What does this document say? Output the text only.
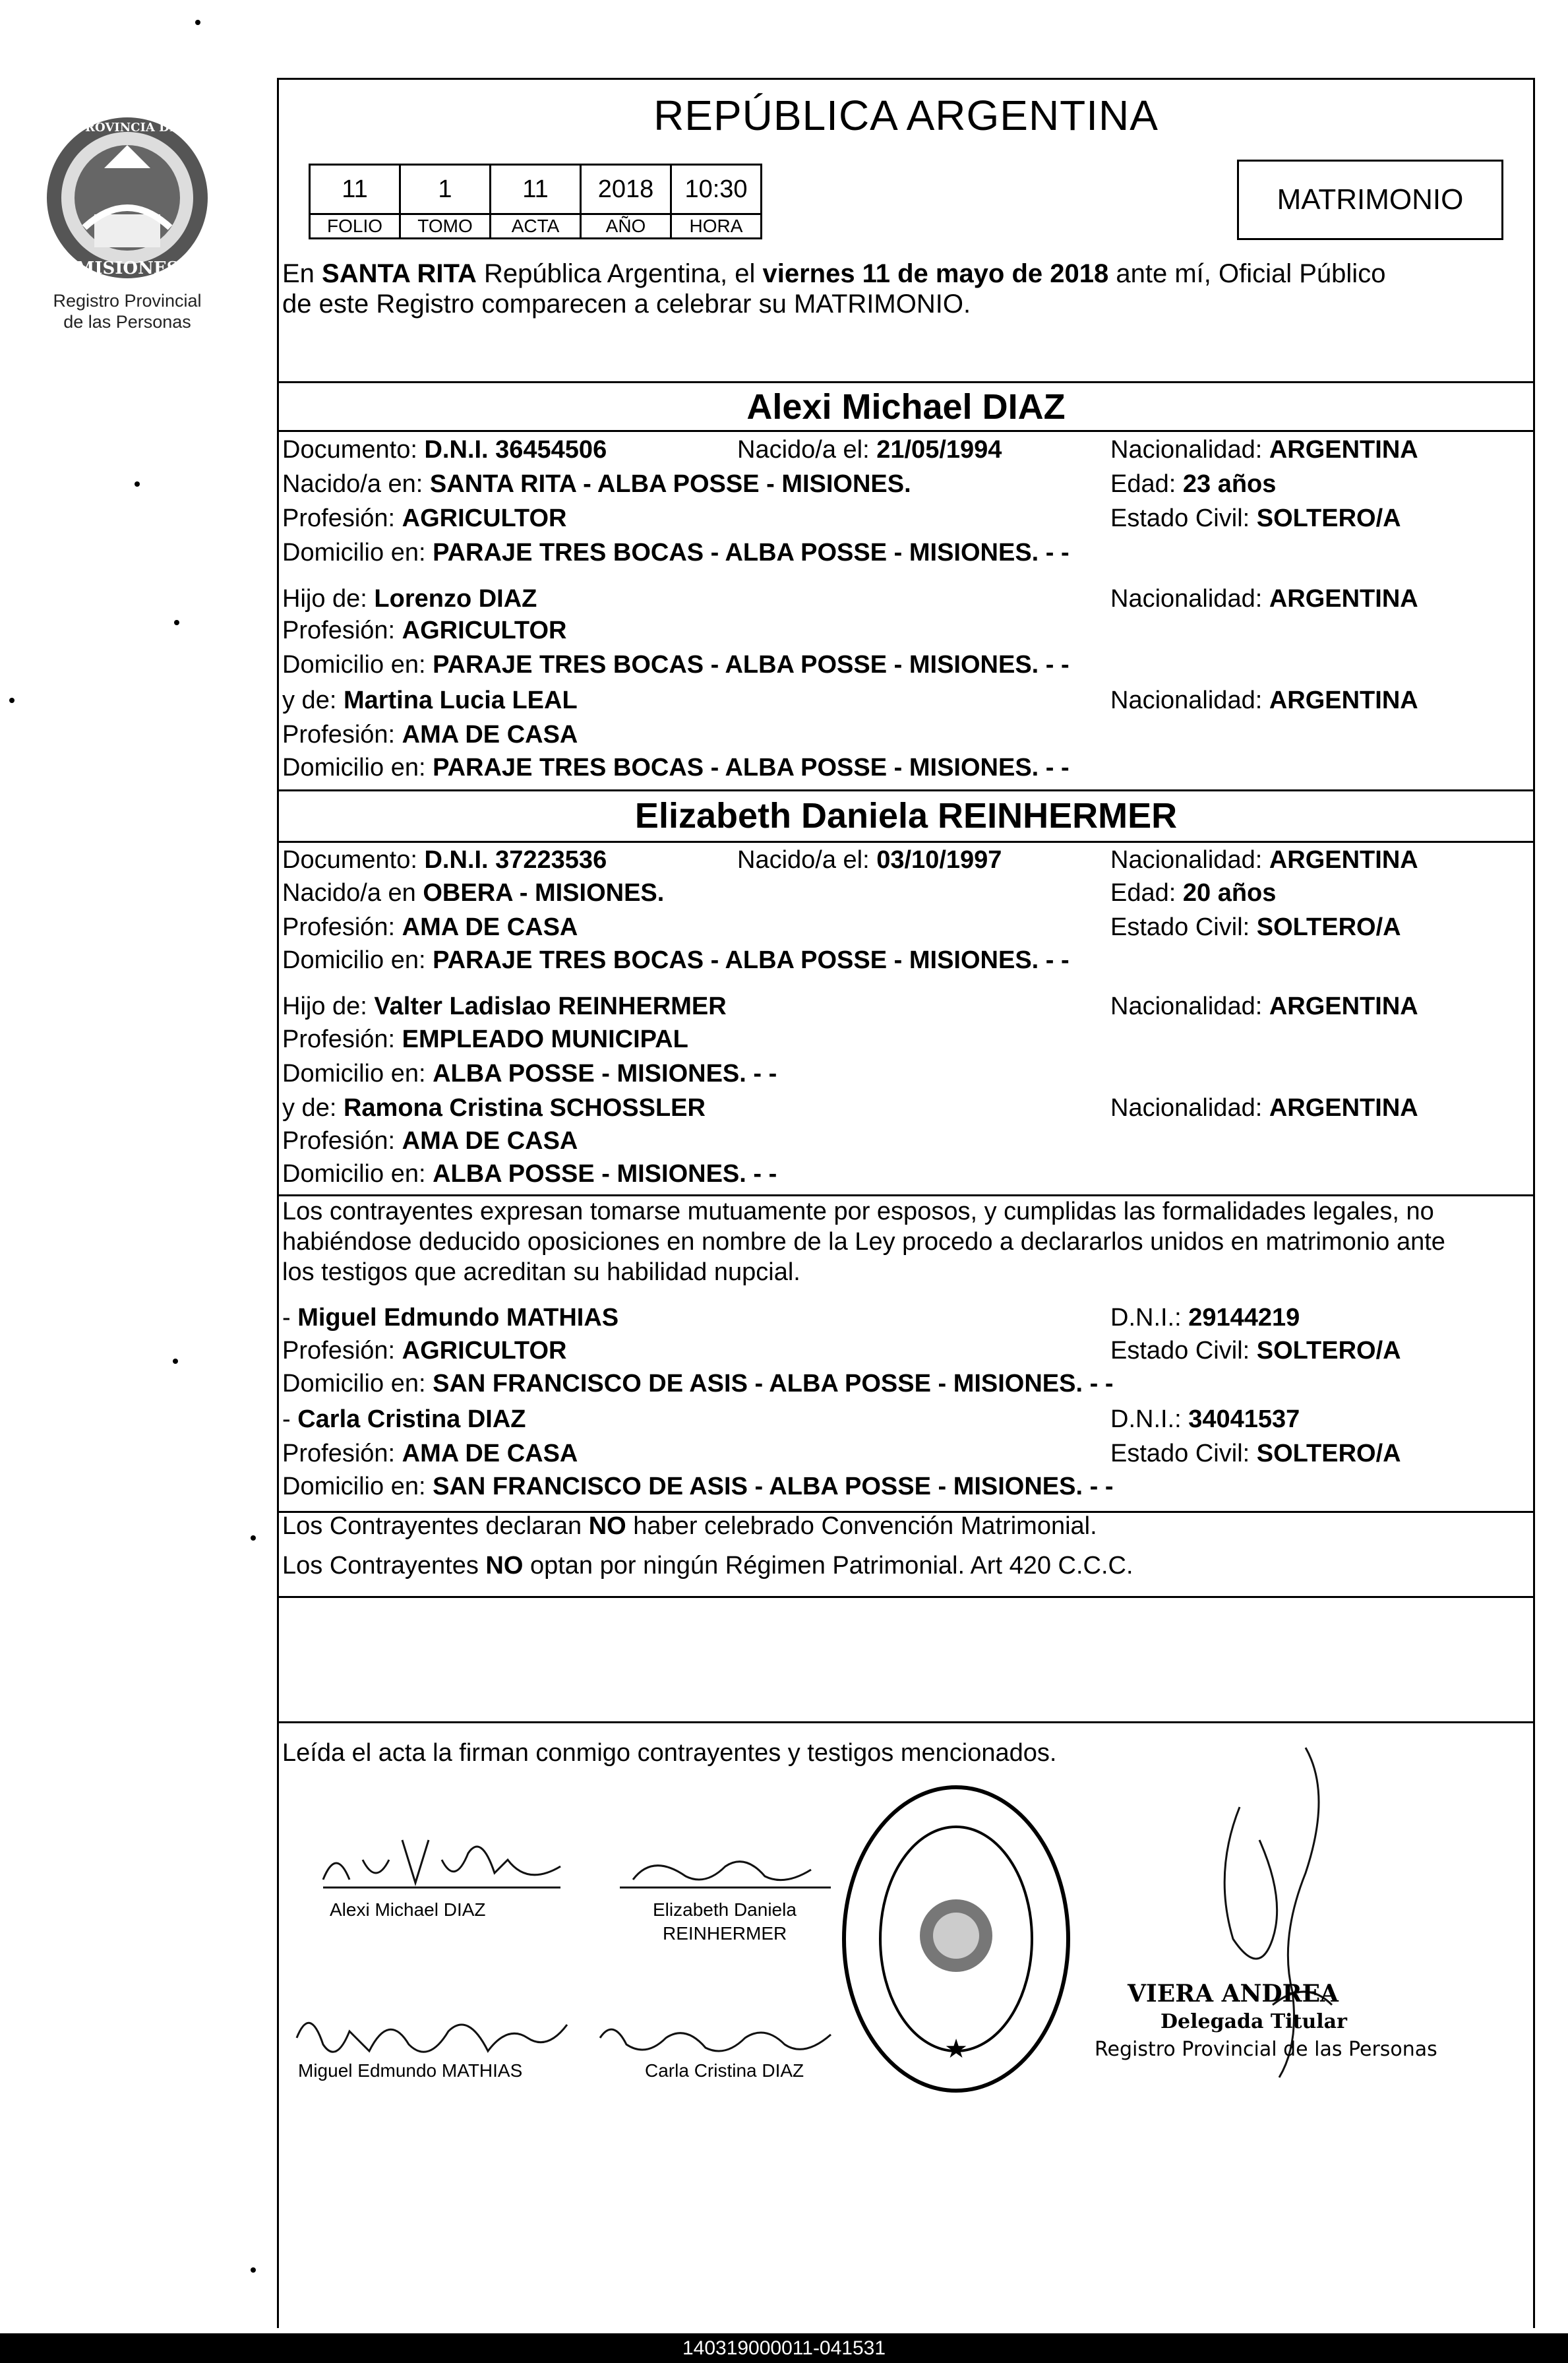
PROVINCIA DE
MISIONES
Registro Provincial
de las Personas
REPÚBLICA ARGENTINA
11	1	11	2018	10:30
FOLIO	TOMO	ACTA	AÑO	HORA
MATRIMONIO

En SANTA RITA República Argentina, el viernes 11 de mayo de 2018 ante mí, Oficial Público

de este Registro comparecen a celebrar su MATRIMONIO.

Alexi Michael DIAZ
Documento: D.N.I. 36454506	Nacido/a el: 21/05/1994	Nacionalidad: ARGENTINA
Nacido/a en: SANTA RITA - ALBA POSSE - MISIONES.	Edad: 23 años
Profesión: AGRICULTOR	Estado Civil: SOLTERO/A
Domicilio en: PARAJE TRES BOCAS - ALBA POSSE - MISIONES. - -
Hijo de: Lorenzo DIAZ	Nacionalidad: ARGENTINA
Profesión: AGRICULTOR
Domicilio en: PARAJE TRES BOCAS - ALBA POSSE - MISIONES. - -
y de: Martina Lucia LEAL	Nacionalidad: ARGENTINA
Profesión: AMA DE CASA
Domicilio en: PARAJE TRES BOCAS - ALBA POSSE - MISIONES. - -
Elizabeth Daniela REINHERMER
Documento: D.N.I. 37223536	Nacido/a el: 03/10/1997	Nacionalidad: ARGENTINA
Nacido/a en OBERA - MISIONES.	Edad: 20 años
Profesión: AMA DE CASA	Estado Civil: SOLTERO/A
Domicilio en: PARAJE TRES BOCAS - ALBA POSSE - MISIONES. - -
Hijo de: Valter Ladislao REINHERMER	Nacionalidad: ARGENTINA
Profesión: EMPLEADO MUNICIPAL
Domicilio en: ALBA POSSE - MISIONES. - -
y de: Ramona Cristina SCHOSSLER	Nacionalidad: ARGENTINA
Profesión: AMA DE CASA
Domicilio en: ALBA POSSE - MISIONES. - -

Los contrayentes expresan tomarse mutuamente por esposos, y cumplidas las formalidades legales, no

habiéndose deducido oposiciones en nombre de la Ley procedo a declararlos unidos en matrimonio ante

los testigos que acreditan su habilidad nupcial.

- Miguel Edmundo MATHIAS	D.N.I.: 29144219
Profesión: AGRICULTOR	Estado Civil: SOLTERO/A
Domicilio en: SAN FRANCISCO DE ASIS - ALBA POSSE - MISIONES. - -
- Carla Cristina DIAZ	D.N.I.: 34041537
Profesión: AMA DE CASA	Estado Civil: SOLTERO/A
Domicilio en: SAN FRANCISCO DE ASIS - ALBA POSSE - MISIONES. - -
Los Contrayentes declaran NO haber celebrado Convención Matrimonial.
Los Contrayentes NO optan por ningún Régimen Patrimonial. Art 420 C.C.C.
Leída el acta la firman conmigo contrayentes y testigos mencionados.
Alexi Michael DIAZ	Elizabeth Daniela
REINHERMER
Miguel Edmundo MATHIAS	Carla Cristina DIAZ
★
VIERA ANDREA
Delegada Titular
Registro Provincial de las Personas
140319000011-041531
